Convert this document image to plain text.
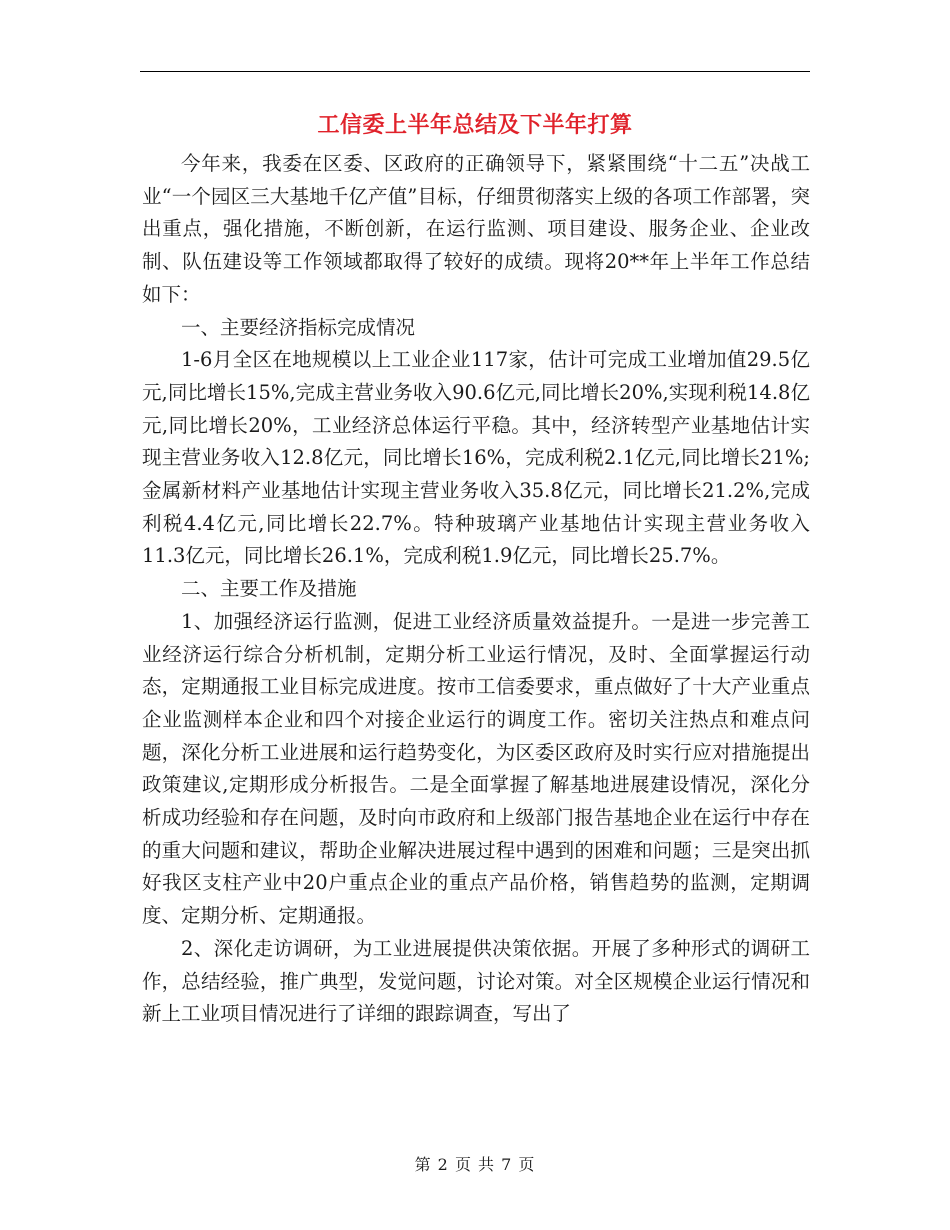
工信委上半年总结及下半年打算

今年来，我委在区委、区政府的正确领导下，紧紧围绕“十二五”决战工业“一个园区三大基地千亿产值”目标，仔细贯彻落实上级的各项工作部署，突出重点，强化措施，不断创新，在运行监测、项目建设、服务企业、企业改制、队伍建设等工作领域都取得了较好的成绩。现将20**年上半年工作总结如下：

一、主要经济指标完成情况

1-6月全区在地规模以上工业企业117家，估计可完成工业增加值29.5亿元,同比增长15%,完成主营业务收入90.6亿元,同比增长20%,实现利税14.8亿元,同比增长20%，工业经济总体运行平稳。其中，经济转型产业基地估计实现主营业务收入12.8亿元，同比增长16%，完成利税2.1亿元,同比增长21%;金属新材料产业基地估计实现主营业务收入35.8亿元，同比增长21.2%,完成利税4.4亿元,同比增长22.7%。特种玻璃产业基地估计实现主营业务收入11.3亿元，同比增长26.1%，完成利税1.9亿元，同比增长25.7%。

二、主要工作及措施

1、加强经济运行监测，促进工业经济质量效益提升。一是进一步完善工业经济运行综合分析机制，定期分析工业运行情况，及时、全面掌握运行动态，定期通报工业目标完成进度。按市工信委要求，重点做好了十大产业重点企业监测样本企业和四个对接企业运行的调度工作。密切关注热点和难点问题，深化分析工业进展和运行趋势变化，为区委区政府及时实行应对措施提出政策建议,定期形成分析报告。二是全面掌握了解基地进展建设情况，深化分析成功经验和存在问题，及时向市政府和上级部门报告基地企业在运行中存在的重大问题和建议，帮助企业解决进展过程中遇到的困难和问题；三是突出抓好我区支柱产业中20户重点企业的重点产品价格，销售趋势的监测，定期调度、定期分析、定期通报。

2、深化走访调研，为工业进展提供决策依据。开展了多种形式的调研工作，总结经验，推广典型，发觉问题，讨论对策。对全区规模企业运行情况和新上工业项目情况进行了详细的跟踪调查，写出了

第 2 页 共 7 页
